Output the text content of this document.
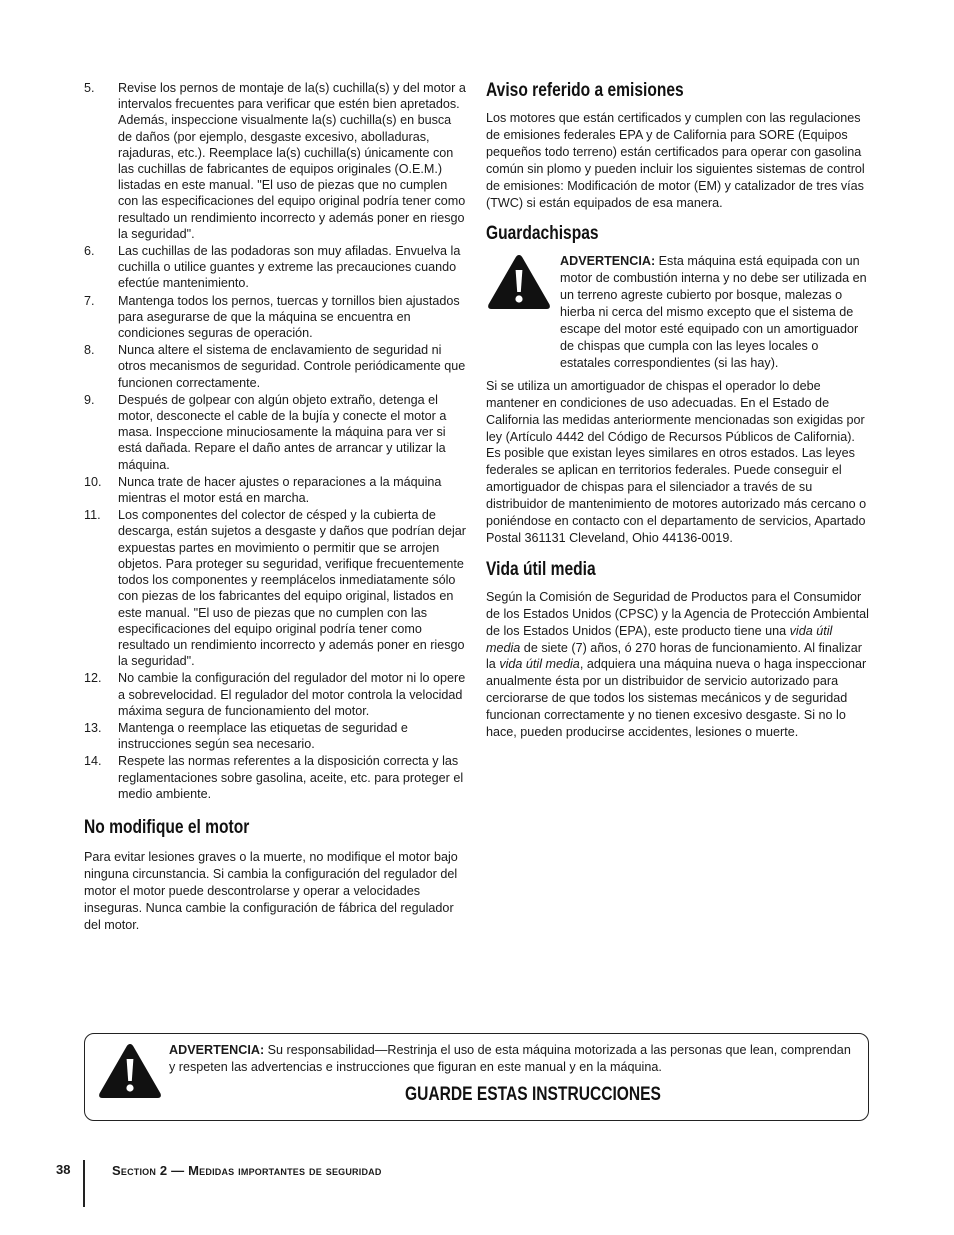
5. Revise los pernos de montaje de la(s) cuchilla(s) y del motor a intervalos frecuentes para verificar que estén bien apretados. Además, inspeccione visualmente la(s) cuchilla(s) en busca de daños (por ejemplo, desgaste excesivo, abolladuras, rajaduras, etc.). Reemplace la(s) cuchilla(s) únicamente con las cuchillas de fabricantes de equipos originales (O.E.M.) listadas en este manual. "El uso de piezas que no cumplen con las especificaciones del equipo original podría tener como resultado un rendimiento incorrecto y además poner en riesgo la seguridad".
6. Las cuchillas de las podadoras son muy afiladas. Envuelva la cuchilla o utilice guantes y extreme las precauciones cuando efectúe mantenimiento.
7. Mantenga todos los pernos, tuercas y tornillos bien ajustados para asegurarse de que la máquina se encuentra en condiciones seguras de operación.
8. Nunca altere el sistema de enclavamiento de seguridad ni otros mecanismos de seguridad. Controle periódicamente que funcionen correctamente.
9. Después de golpear con algún objeto extraño, detenga el motor, desconecte el cable de la bujía y conecte el motor a masa. Inspeccione minuciosamente la máquina para ver si está dañada. Repare el daño antes de arrancar y utilizar la máquina.
10. Nunca trate de hacer ajustes o reparaciones a la máquina mientras el motor está en marcha.
11. Los componentes del colector de césped y la cubierta de descarga, están sujetos a desgaste y daños que podrían dejar expuestas partes en movimiento o permitir que se arrojen objetos. Para proteger su seguridad, verifique frecuentemente todos los componentes y reemplácelos inmediatamente sólo con piezas de los fabricantes del equipo original, listados en este manual. "El uso de piezas que no cumplen con las especificaciones del equipo original podría tener como resultado un rendimiento incorrecto y además poner en riesgo la seguridad".
12. No cambie la configuración del regulador del motor ni lo opere a sobrevelocidad. El regulador del motor controla la velocidad máxima segura de funcionamiento del motor.
13. Mantenga o reemplace las etiquetas de seguridad e instrucciones según sea necesario.
14. Respete las normas referentes a la disposición correcta y las reglamentaciones sobre gasolina, aceite, etc. para proteger el medio ambiente.
No modifique el motor

Para evitar lesiones graves o la muerte, no modifique el motor bajo ninguna circunstancia. Si cambia la configuración del regulador del motor el motor puede descontrolarse y operar a velocidades inseguras. Nunca cambie la configuración de fábrica del regulador del motor.

Aviso referido a emisiones

Los motores que están certificados y cumplen con las regulaciones de emisiones federales EPA y de California para SORE (Equipos pequeños todo terreno) están certificados para operar con gasolina común sin plomo y pueden incluir los siguientes sistemas de control de emisiones: Modificación de motor (EM) y catalizador de tres vías (TWC) si están equipados de esa manera.

Guardachispas

ADVERTENCIA: Esta máquina está equipada con un motor de combustión interna y no debe ser utilizada en un terreno agreste cubierto por bosque, malezas o hierba ni cerca del mismo excepto que el sistema de escape del motor esté equipado con un amortiguador de chispas que cumpla con las leyes locales o estatales correspondientes (si las hay).

Si se utiliza un amortiguador de chispas el operador lo debe mantener en condiciones de uso adecuadas. En el Estado de California las medidas anteriormente mencionadas son exigidas por ley (Artículo 4442 del Código de Recursos Públicos de California). Es posible que existan leyes similares en otros estados. Las leyes federales se aplican en territorios federales. Puede conseguir el amortiguador de chispas para el silenciador a través de su distribuidor de mantenimiento de motores autorizado más cercano o poniéndose en contacto con el departamento de servicios, Apartado Postal 361131 Cleveland, Ohio 44136-0019.

Vida útil media

Según la Comisión de Seguridad de Productos para el Consumidor de los Estados Unidos (CPSC) y la Agencia de Protección Ambiental de los Estados Unidos (EPA), este producto tiene una vida útil media de siete (7) años, ó 270 horas de funcionamiento. Al finalizar la vida útil media, adquiera una máquina nueva o haga inspeccionar anualmente ésta por un distribuidor de servicio autorizado para cerciorarse de que todos los sistemas mecánicos y de seguridad funcionan correctamente y no tienen excesivo desgaste. Si no lo hace, pueden producirse accidentes, lesiones o muerte.

ADVERTENCIA: Su responsabilidad—Restrinja el uso de esta máquina motorizada a las personas que lean, comprendan y respeten las advertencias e instrucciones que figuran en este manual y en la máquina.
GUARDE ESTAS INSTRUCCIONES
38	Section 2 — Medidas importantes de seguridad
